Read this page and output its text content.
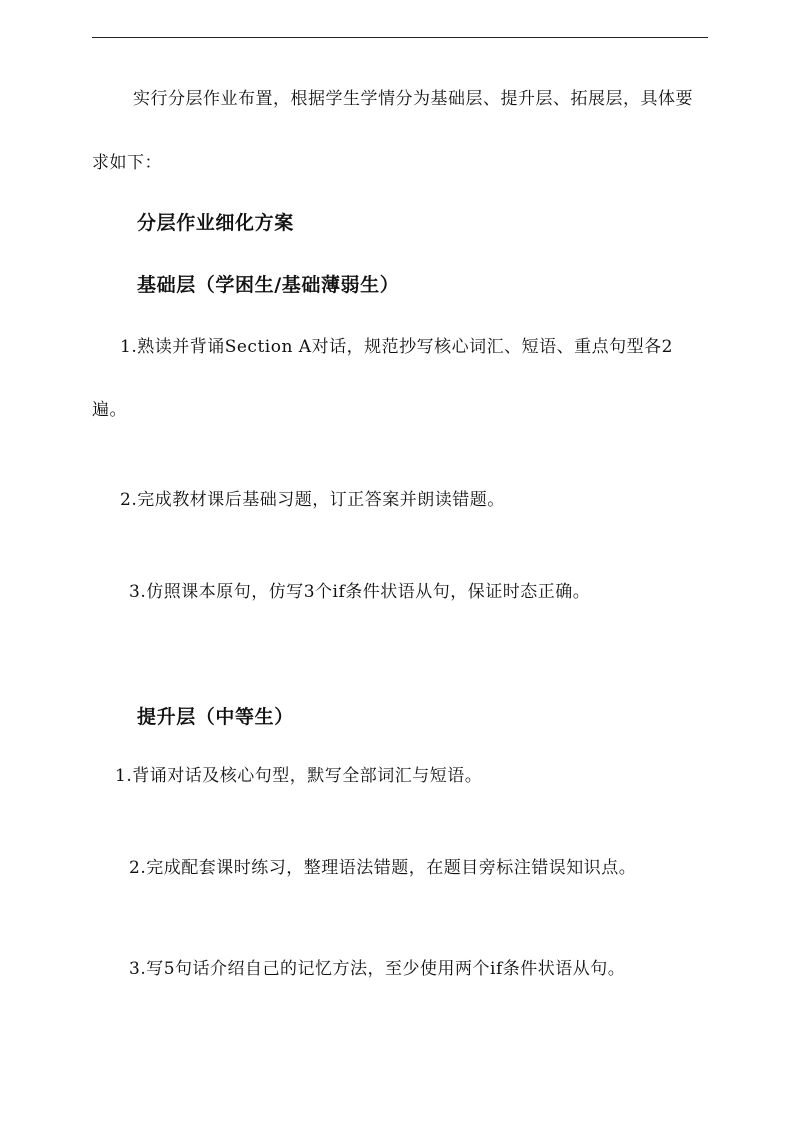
实行分层作业布置，根据学生学情分为基础层、提升层、拓展层，具体要
求如下：
分层作业细化方案
基础层（学困生/基础薄弱生）
1.熟读并背诵Section A对话，规范抄写核心词汇、短语、重点句型各2
遍。
2.完成教材课后基础习题，订正答案并朗读错题。
3.仿照课本原句，仿写3个if条件状语从句，保证时态正确。
提升层（中等生）
1.背诵对话及核心句型，默写全部词汇与短语。
2.完成配套课时练习，整理语法错题，在题目旁标注错误知识点。
3.写5句话介绍自己的记忆方法，至少使用两个if条件状语从句。
